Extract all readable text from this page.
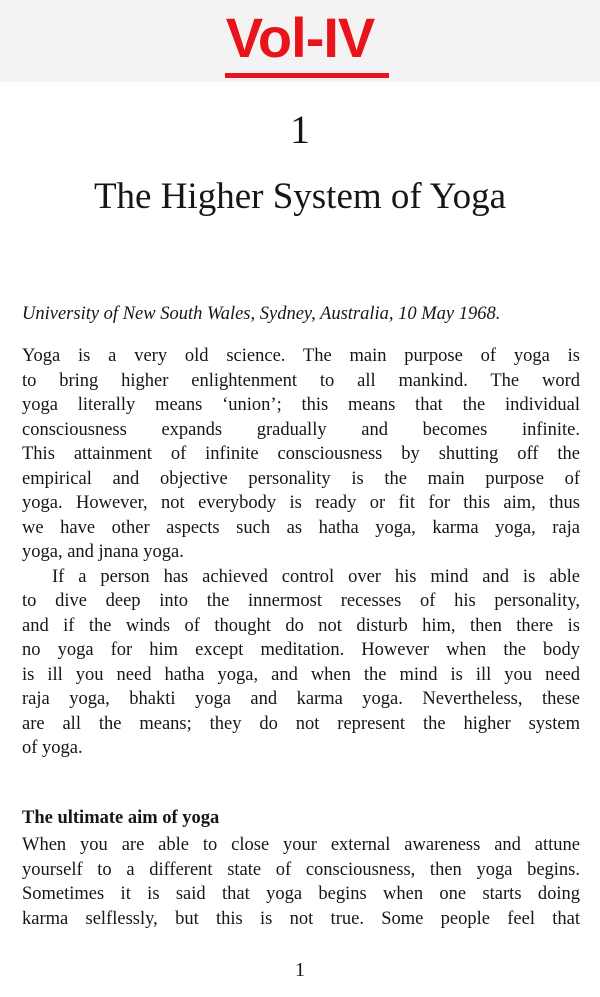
Vol-IV
1
The Higher System of Yoga
University of New South Wales, Sydney, Australia, 10 May 1968.

Yoga is a very old science. The main purpose of yoga is
to bring higher enlightenment to all mankind. The word
yoga literally means ‘union’; this means that the individual
consciousness expands gradually and becomes infinite.
This attainment of infinite consciousness by shutting off the
empirical and objective personality is the main purpose of
yoga. However, not everybody is ready or fit for this aim, thus
we have other aspects such as hatha yoga, karma yoga, raja
yoga, and jnana yoga.

If a person has achieved control over his mind and is able
to dive deep into the innermost recesses of his personality,
and if the winds of thought do not disturb him, then there is
no yoga for him except meditation. However when the body
is ill you need hatha yoga, and when the mind is ill you need
raja yoga, bhakti yoga and karma yoga. Nevertheless, these
are all the means; they do not represent the higher system
of yoga.

The ultimate aim of yoga

When you are able to close your external awareness and attune
yourself to a different state of consciousness, then yoga begins.
Sometimes it is said that yoga begins when one starts doing
karma selflessly, but this is not true. Some people feel that

1
